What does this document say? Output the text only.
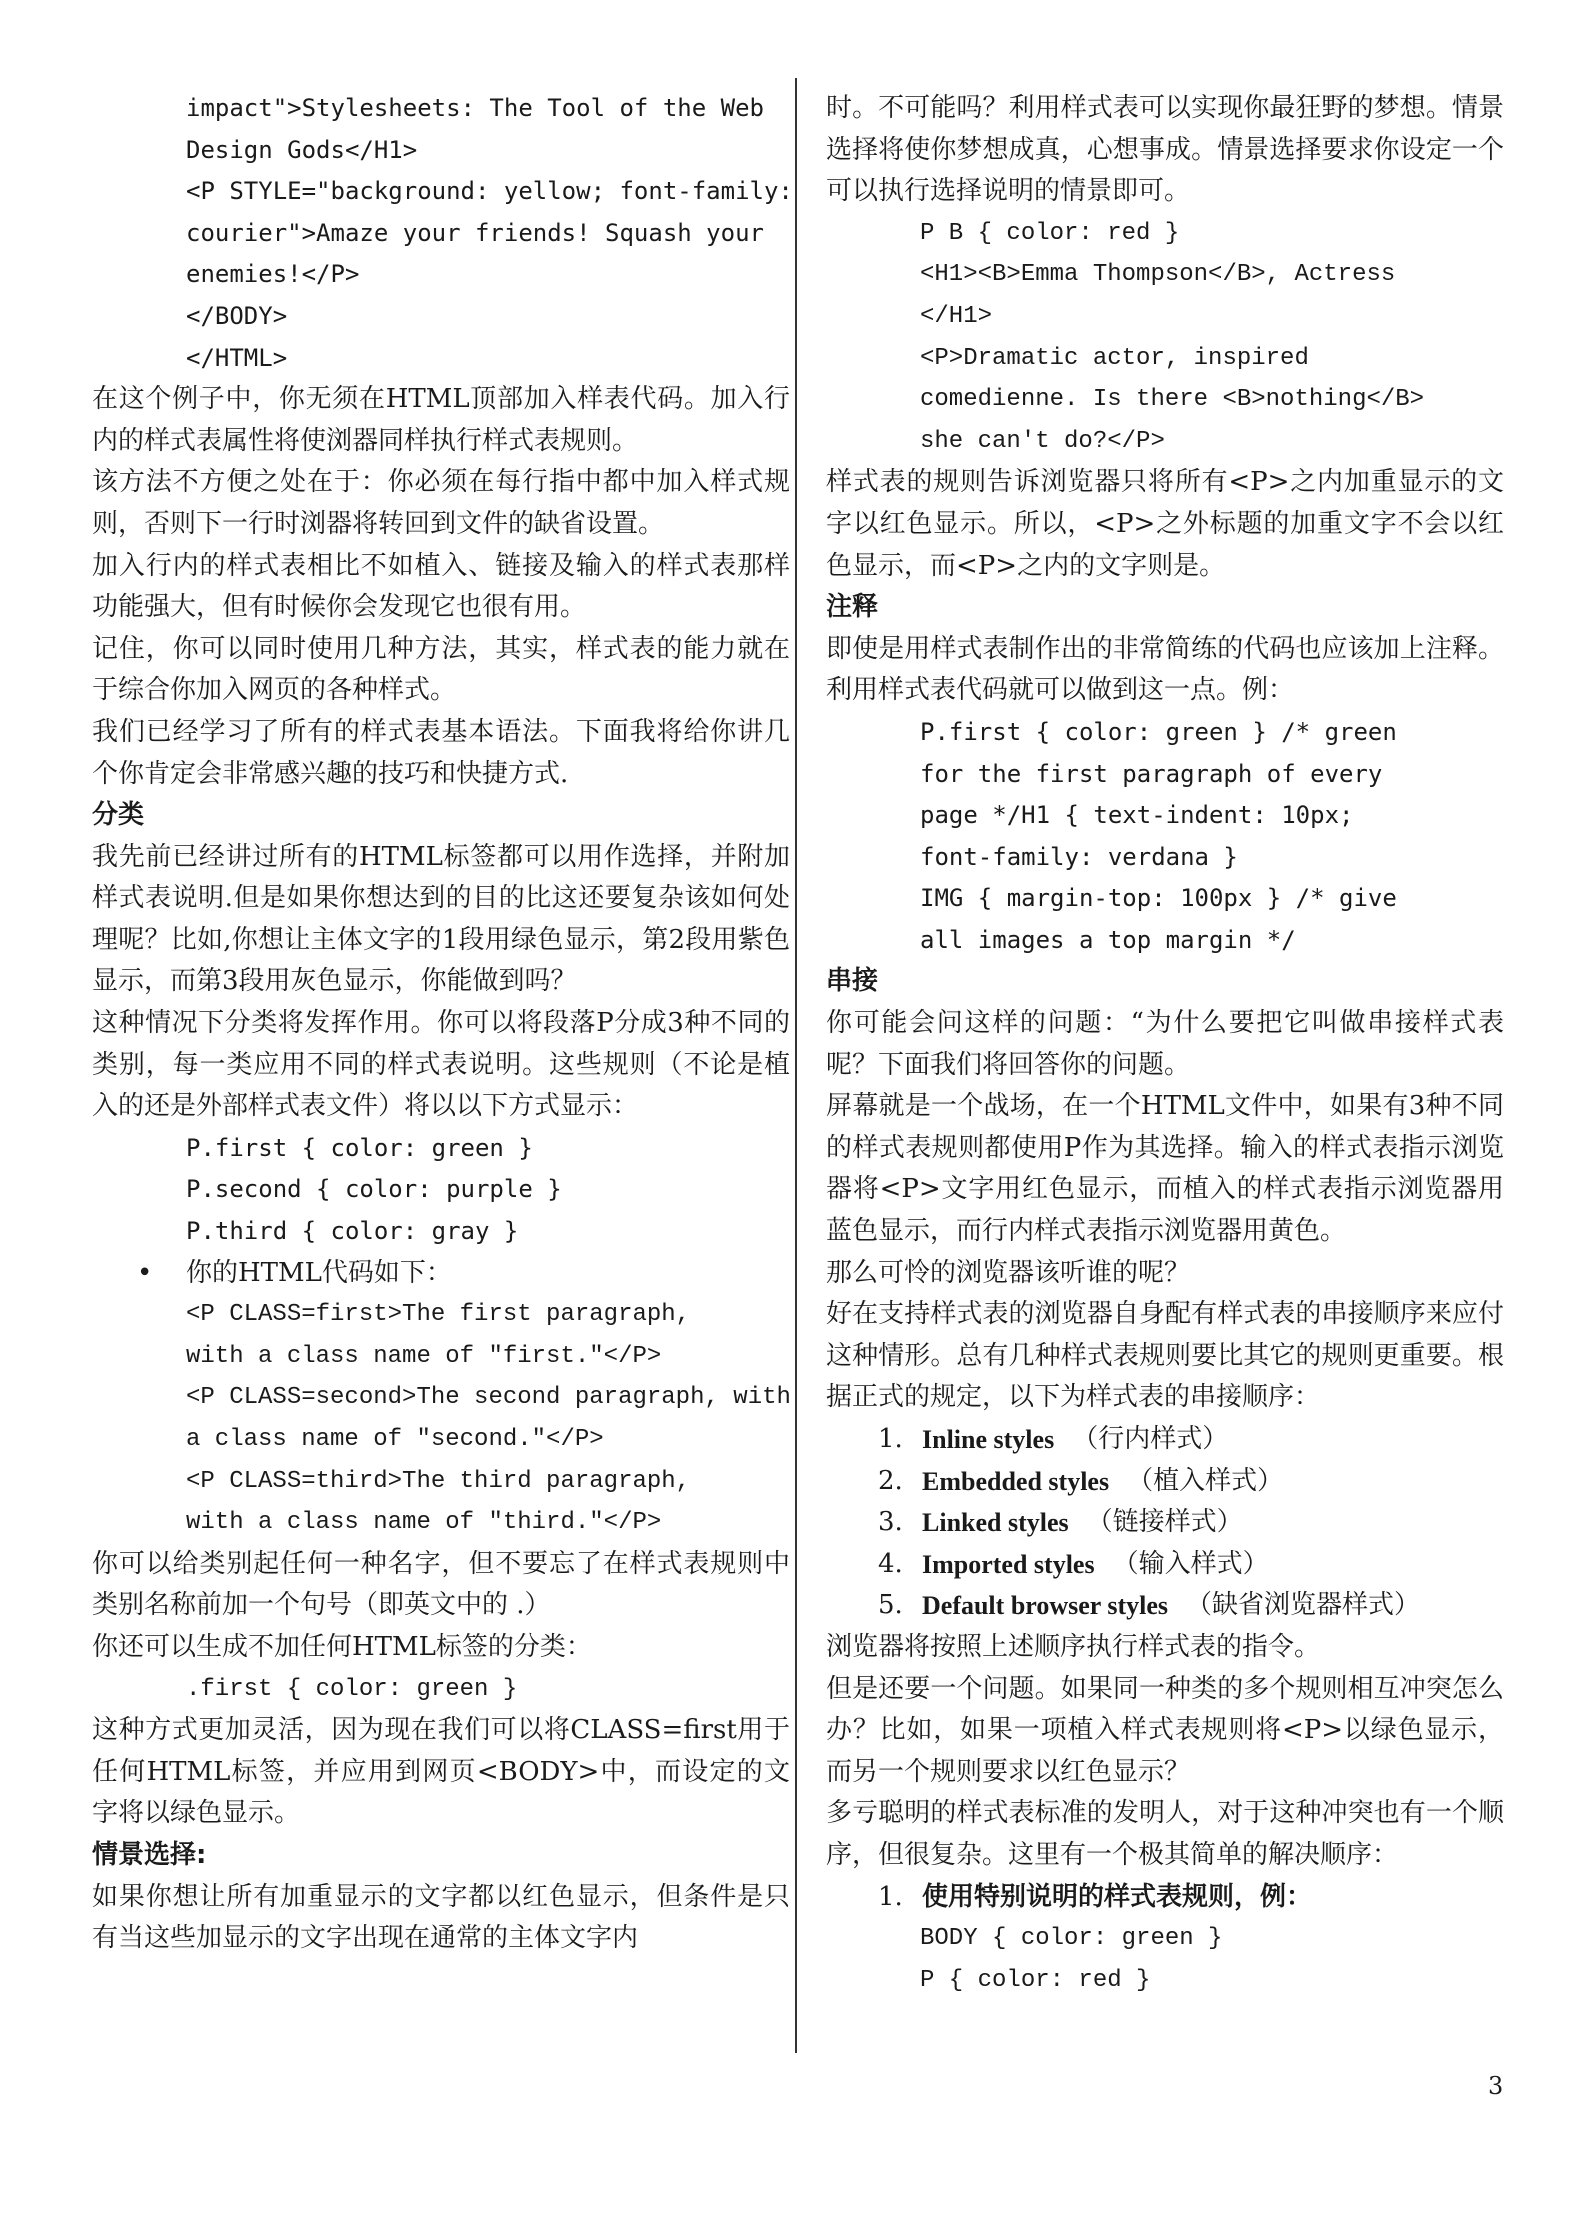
impact">Stylesheets: The Tool of the Web

Design Gods</H1>

<P STYLE="background: yellow; font-family:

courier">Amaze your friends! Squash your

enemies!</P>

</BODY>

</HTML>

在这个例子中，你无须在HTML顶部加入样表代码。加入行内的样式表属性将使浏器同样执行样式表规则。

该方法不方便之处在于：你必须在每行指中都中加入样式规则，否则下一行时浏器将转回到文件的缺省设置。

加入行内的样式表相比不如植入、链接及输入的样式表那样功能强大，但有时候你会发现它也很有用。

记住，你可以同时使用几种方法，其实，样式表的能力就在于综合你加入网页的各种样式。

我们已经学习了所有的样式表基本语法。下面我将给你讲几个你肯定会非常感兴趣的技巧和快捷方式.

分类

我先前已经讲过所有的HTML标签都可以用作选择，并附加样式表说明.但是如果你想达到的目的比这还要复杂该如何处理呢？比如,你想让主体文字的1段用绿色显示，第2段用紫色显示，而第3段用灰色显示，你能做到吗？

这种情况下分类将发挥作用。你可以将段落P分成3种不同的类别，每一类应用不同的样式表说明。这些规则（不论是植入的还是外部样式表文件）将以以下方式显示：

P.first { color: green }

P.second { color: purple }

P.third { color: gray }

• 你的HTML代码如下：

<P CLASS=first>The first paragraph,

with a class name of "first."</P>

<P CLASS=second>The second paragraph, with

a class name of "second."</P>

<P CLASS=third>The third paragraph,

with a class name of "third."</P>

你可以给类别起任何一种名字，但不要忘了在样式表规则中类别名称前加一个句号（即英文中的 .）

你还可以生成不加任何HTML标签的分类：

.first { color: green }

这种方式更加灵活，因为现在我们可以将CLASS=first用于任何HTML标签，并应用到网页<BODY>中，而设定的文字将以绿色显示。

情景选择:

如果你想让所有加重显示的文字都以红色显示，但条件是只有当这些加显示的文字出现在通常的主体文字内

时。不可能吗？利用样式表可以实现你最狂野的梦想。情景选择将使你梦想成真，心想事成。情景选择要求你设定一个可以执行选择说明的情景即可。

P B { color: red }

<H1><B>Emma Thompson</B>, Actress

</H1>

<P>Dramatic actor, inspired

comedienne. Is there <B>nothing</B>

she can't do?</P>

样式表的规则告诉浏览器只将所有<P>之内加重显示的文字以红色显示。所以，<P>之外标题的加重文字不会以红色显示，而<P>之内的文字则是。

注释

即使是用样式表制作出的非常简练的代码也应该加上注释。利用样式表代码就可以做到这一点。例：

P.first { color: green } /* green

for the first paragraph of every

page */H1 { text-indent: 10px;

font-family: verdana }

IMG { margin-top: 100px } /* give

all images a top margin */

串接

你可能会问这样的问题：“为什么要把它叫做串接样式表呢？下面我们将回答你的问题。

屏幕就是一个战场，在一个HTML文件中，如果有3种不同的样式表规则都使用P作为其选择。输入的样式表指示浏览器将<P>文字用红色显示，而植入的样式表指示浏览器用蓝色显示，而行内样式表指示浏览器用黄色。

那么可怜的浏览器该听谁的呢？

好在支持样式表的浏览器自身配有样式表的串接顺序来应付这种情形。总有几种样式表规则要比其它的规则更重要。根据正式的规定，以下为样式表的串接顺序：

1. Inline styles （行内样式）

2. Embedded styles （植入样式）

3. Linked styles （链接样式）

4. Imported styles （输入样式）

5. Default browser styles （缺省浏览器样式）

浏览器将按照上述顺序执行样式表的指令。

但是还要一个问题。如果同一种类的多个规则相互冲突怎么办？比如，如果一项植入样式表规则将<P>以绿色显示，而另一个规则要求以红色显示？

多亏聪明的样式表标准的发明人，对于这种冲突也有一个顺序，但很复杂。这里有一个极其简单的解决顺序：

1. 使用特别说明的样式表规则，例：

BODY { color: green }

P { color: red }

3
